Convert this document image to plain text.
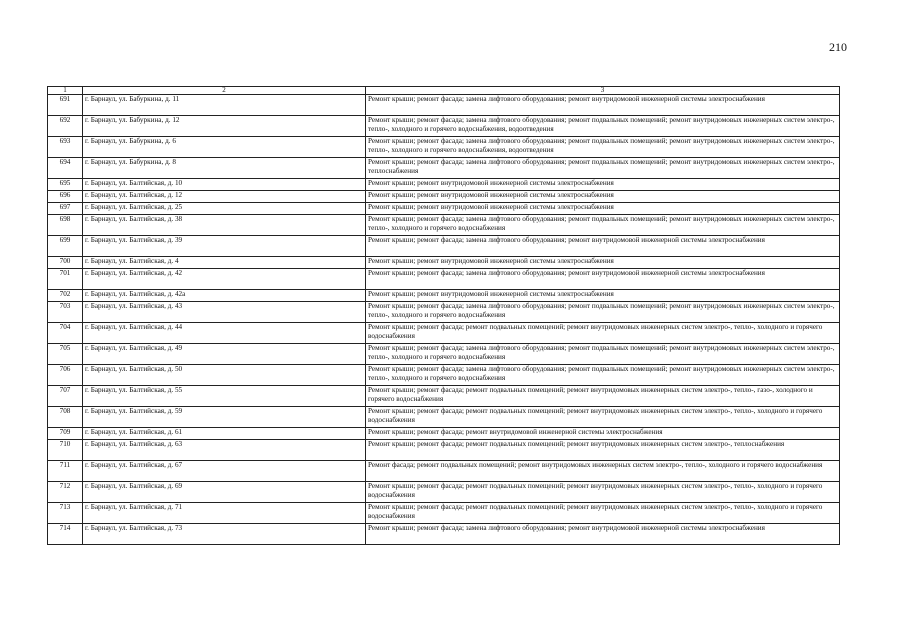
210
1	2	3
691	г. Барнаул, ул. Бабуркина, д. 11	Ремонт крыши; ремонт фасада; замена лифтового оборудования; ремонт внутридомовой инженерной системы электроснабжения
692	г. Барнаул, ул. Бабуркина, д. 12	Ремонт крыши; ремонт фасада; замена лифтового оборудования; ремонт подвальных помещений; ремонт внутридомовых инженерных систем электро-, тепло-, холодного и горячего водоснабжения, водоотведения
693	г. Барнаул, ул. Бабуркина, д. 6	Ремонт крыши; ремонт фасада; замена лифтового оборудования; ремонт подвальных помещений; ремонт внутридомовых инженерных систем электро-, тепло-, холодного и горячего водоснабжения, водоотведения
694	г. Барнаул, ул. Бабуркина, д. 8	Ремонт крыши; ремонт фасада; замена лифтового оборудования; ремонт подвальных помещений; ремонт внутридомовых инженерных систем электро-, теплоснабжения
695	г. Барнаул, ул. Балтийская, д. 10	Ремонт крыши; ремонт внутридомовой инженерной системы электроснабжения
696	г. Барнаул, ул. Балтийская, д. 12	Ремонт крыши; ремонт внутридомовой инженерной системы электроснабжения
697	г. Барнаул, ул. Балтийская, д. 25	Ремонт крыши; ремонт внутридомовой инженерной системы электроснабжения
698	г. Барнаул, ул. Балтийская, д. 38	Ремонт крыши; ремонт фасада; замена лифтового оборудования; ремонт подвальных помещений; ремонт внутридомовых инженерных систем электро-, тепло-, холодного и горячего водоснабжения
699	г. Барнаул, ул. Балтийская, д. 39	Ремонт крыши; ремонт фасада; замена лифтового оборудования; ремонт внутридомовой инженерной системы электроснабжения
700	г. Барнаул, ул. Балтийская, д. 4	Ремонт крыши; ремонт внутридомовой инженерной системы электроснабжения
701	г. Барнаул, ул. Балтийская, д. 42	Ремонт крыши; ремонт фасада; замена лифтового оборудования; ремонт внутридомовой инженерной системы электроснабжения
702	г. Барнаул, ул. Балтийская, д. 42а	Ремонт крыши; ремонт внутридомовой инженерной системы электроснабжения
703	г. Барнаул, ул. Балтийская, д. 43	Ремонт крыши; ремонт фасада; замена лифтового оборудования; ремонт подвальных помещений; ремонт внутридомовых инженерных систем электро-, тепло-, холодного и горячего водоснабжения
704	г. Барнаул, ул. Балтийская, д. 44	Ремонт крыши; ремонт фасада; ремонт подвальных помещений; ремонт внутридомовых инженерных систем электро-, тепло-, холодного и горячего водоснабжения
705	г. Барнаул, ул. Балтийская, д. 49	Ремонт крыши; ремонт фасада; замена лифтового оборудования; ремонт подвальных помещений; ремонт внутридомовых инженерных систем электро-, тепло-, холодного и горячего водоснабжения
706	г. Барнаул, ул. Балтийская, д. 50	Ремонт крыши; ремонт фасада; замена лифтового оборудования; ремонт подвальных помещений; ремонт внутридомовых инженерных систем электро-, тепло-, холодного и горячего водоснабжения
707	г. Барнаул, ул. Балтийская, д. 55	Ремонт крыши; ремонт фасада; ремонт подвальных помещений; ремонт внутридомовых инженерных систем электро-, тепло-, газо-, холодного и горячего водоснабжения
708	г. Барнаул, ул. Балтийская, д. 59	Ремонт крыши; ремонт фасада; ремонт подвальных помещений; ремонт внутридомовых инженерных систем электро-, тепло-, холодного и горячего водоснабжения
709	г. Барнаул, ул. Балтийская, д. 61	Ремонт крыши; ремонт фасада; ремонт внутридомовой инженерной системы электроснабжения
710	г. Барнаул, ул. Балтийская, д. 63	Ремонт крыши; ремонт фасада; ремонт подвальных помещений; ремонт внутридомовых инженерных систем электро-, теплоснабжения
711	г. Барнаул, ул. Балтийская, д. 67	Ремонт фасада; ремонт подвальных помещений; ремонт внутридомовых инженерных систем электро-, тепло-, холодного и горячего водоснабжения
712	г. Барнаул, ул. Балтийская, д. 69	Ремонт крыши; ремонт фасада; ремонт подвальных помещений; ремонт внутридомовых инженерных систем электро-, тепло-, холодного и горячего водоснабжения
713	г. Барнаул, ул. Балтийская, д. 71	Ремонт крыши; ремонт фасада; ремонт подвальных помещений; ремонт внутридомовых инженерных систем электро-, тепло-, холодного и горячего водоснабжения
714	г. Барнаул, ул. Балтийская, д. 73	Ремонт крыши; ремонт фасада; замена лифтового оборудования; ремонт внутридомовой инженерной системы электроснабжения
